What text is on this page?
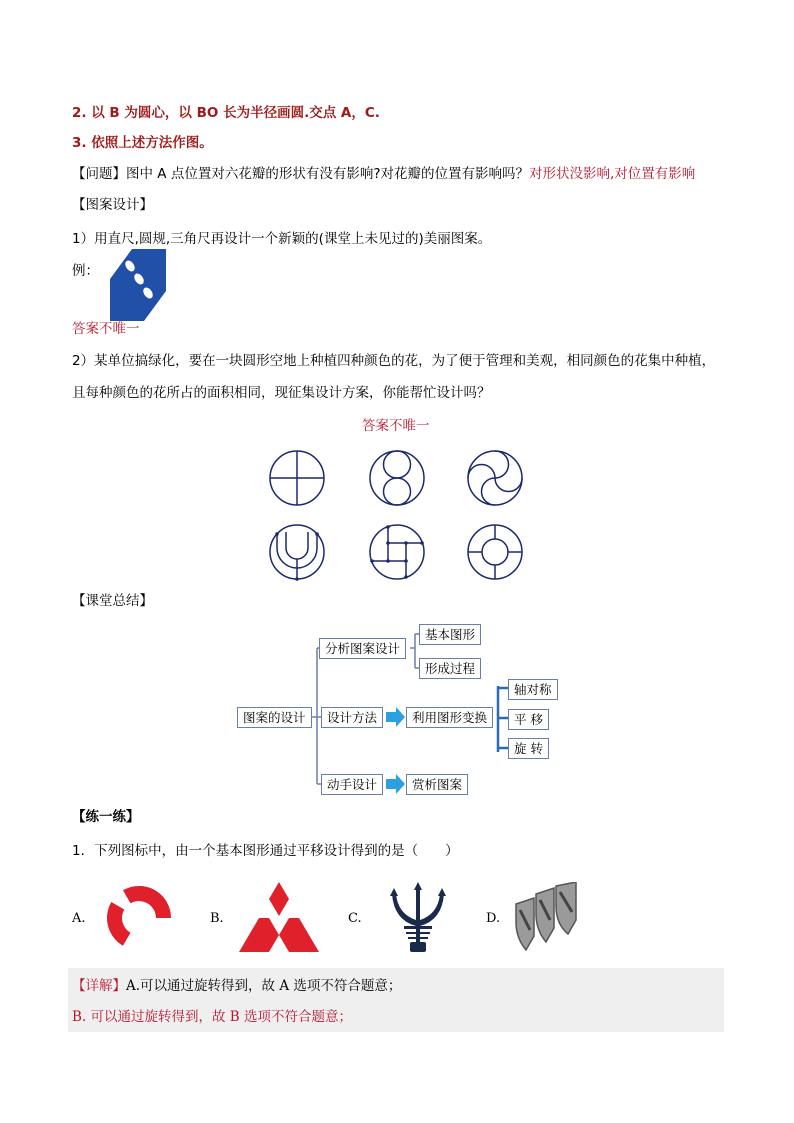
2. 以 B 为圆心，以 BO 长为半径画圆.交点 A，C.
3. 依照上述方法作图。
【问题】图中 A 点位置对六花瓣的形状有没有影响?对花瓣的位置有影响吗？对形状没影响,对位置有影响
【图案设计】
1）用直尺,圆规,三角尺再设计一个新颖的(课堂上未见过的)美丽图案。
例：
答案不唯一
2）某单位搞绿化，要在一块圆形空地上种植四种颜色的花，为了便于管理和美观，相同颜色的花集中种植，
且每种颜色的花所占的面积相同，现征集设计方案，你能帮忙设计吗？
答案不唯一
【课堂总结】
图案的设计
分析图案设计
基本图形
形成过程
设计方法	利用图形变换
轴对称
平 移
旋 转
动手设计	赏析图案
【练一练】
1．下列图标中，由一个基本图形通过平移设计得到的是（　　）
A.	B.	C.	D.
【详解】A.可以通过旋转得到，故 A 选项不符合题意；
B. 可以通过旋转得到，故 B 选项不符合题意；
